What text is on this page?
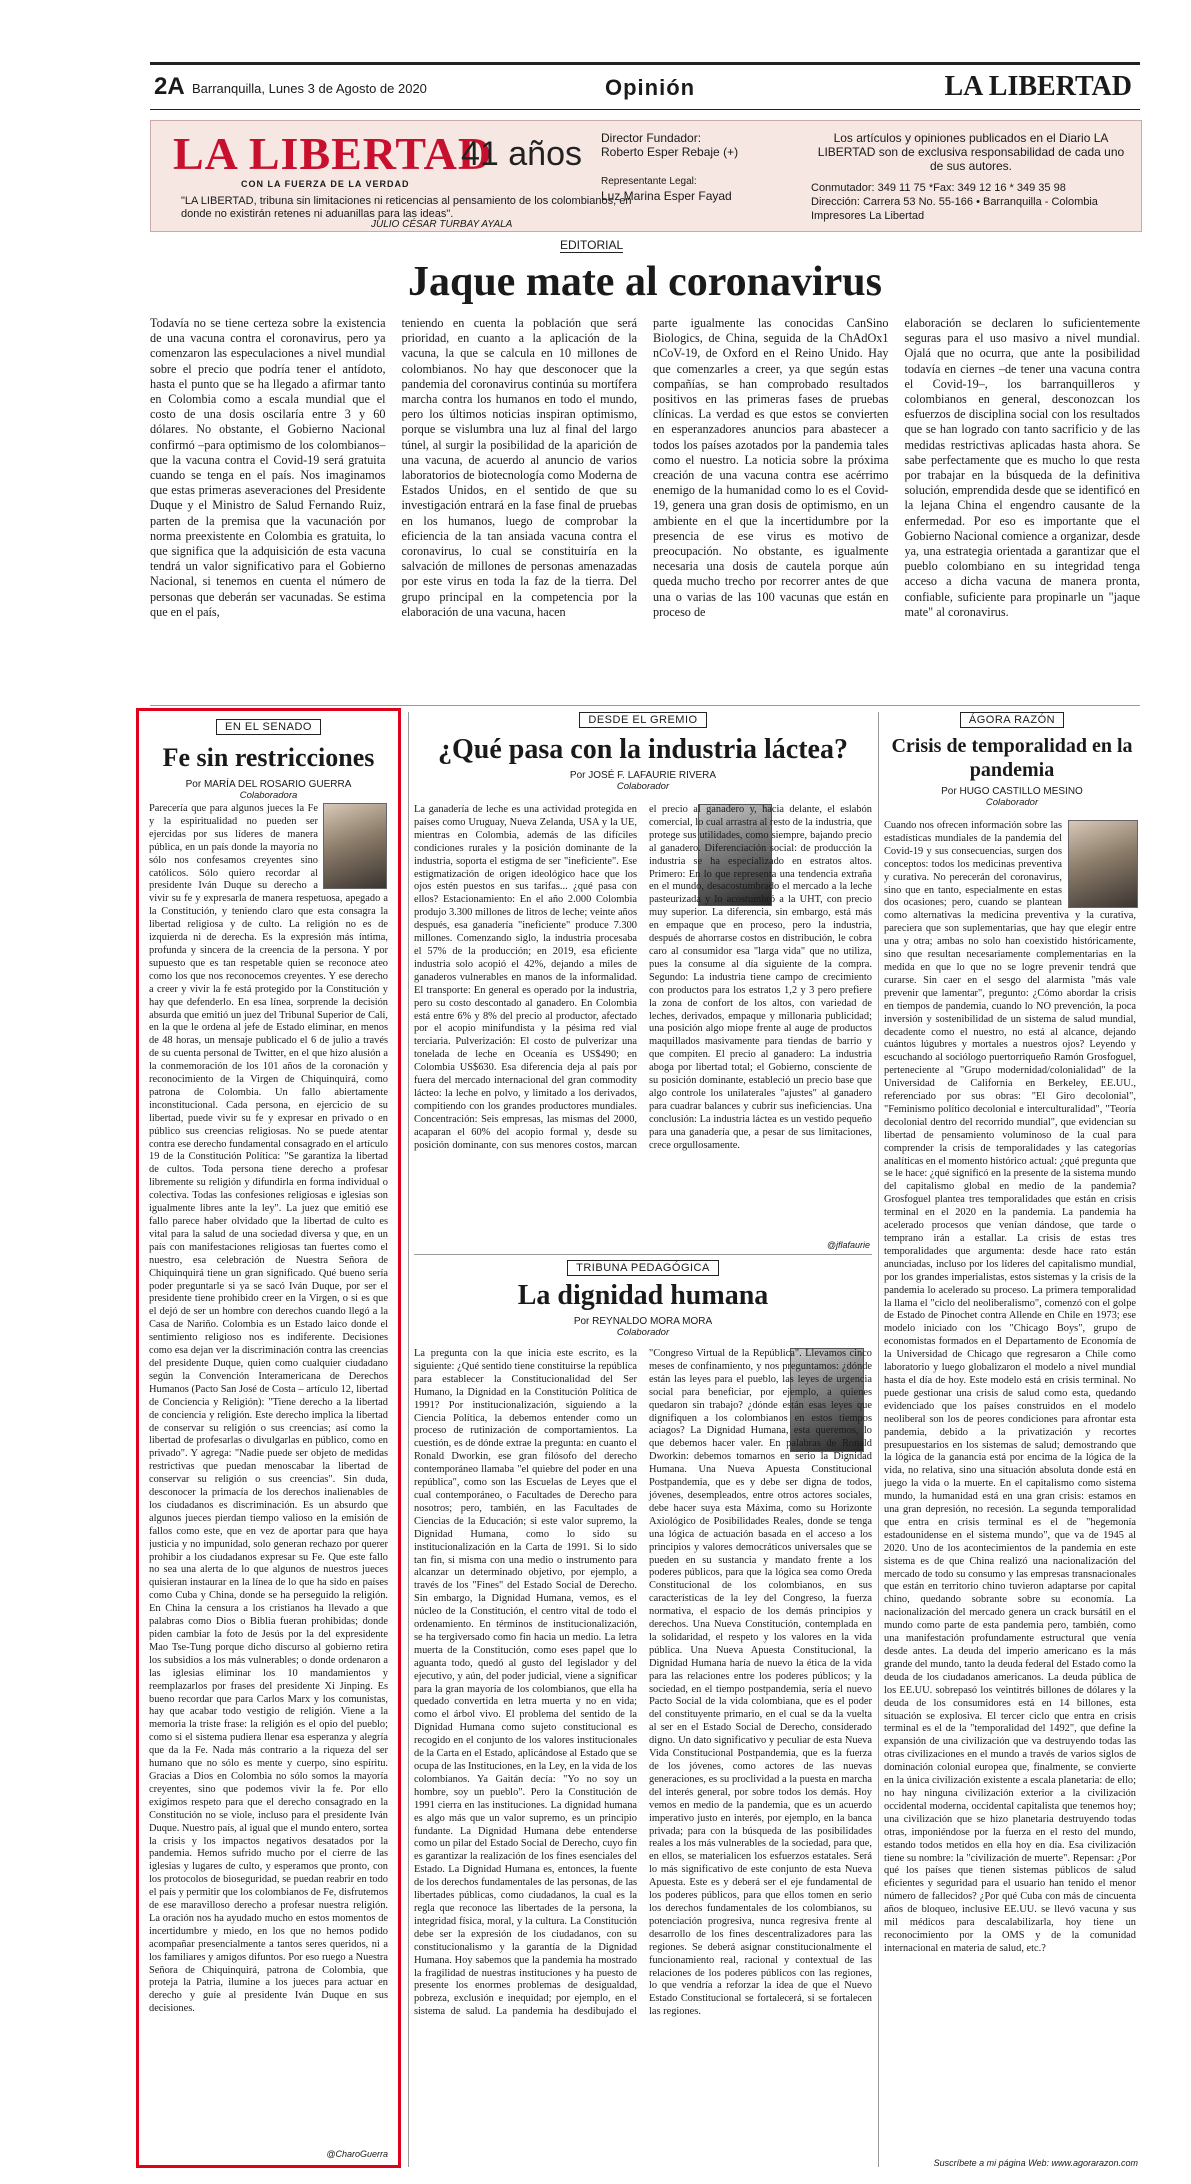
2A Barranquilla, Lunes 3 de Agosto de 2020	Opinión	LA LIBERTAD
LA LIBERTAD
41 años
CON LA FUERZA DE LA VERDAD
"LA LIBERTAD, tribuna sin limitaciones ni reticencias al pensamiento de los colombianos, en donde no existirán retenes ni aduanillas para las ideas".
JULIO CÉSAR TURBAY AYALA
Director Fundador:
Roberto Esper Rebaje (+)
Representante Legal:
Luz Marina Esper Fayad
Los artículos y opiniones publicados en el Diario LA LIBERTAD son de exclusiva responsabilidad de cada uno de sus autores.
Conmutador: 349 11 75 *Fax: 349 12 16 * 349 35 98
Dirección: Carrera 53 No. 55-166 • Barranquilla - Colombia
Impresores La Libertad
EDITORIAL
Jaque mate al coronavirus

Todavía no se tiene certeza sobre la existencia de una vacuna contra el coronavirus, pero ya comenzaron las especulaciones a nivel mundial sobre el precio que podría tener el antídoto, hasta el punto que se ha llegado a afirmar tanto en Colombia como a escala mundial que el costo de una dosis oscilaría entre 3 y 60 dólares. No obstante, el Gobierno Nacional confirmó –para optimismo de los colombianos– que la vacuna contra el Covid-19 será gratuita cuando se tenga en el país. Nos imaginamos que estas primeras aseveraciones del Presidente Duque y el Ministro de Salud Fernando Ruiz, parten de la premisa que la vacunación por norma preexistente en Colombia es gratuita, lo que significa que la adquisición de esta vacuna tendrá un valor significativo para el Gobierno Nacional, si tenemos en cuenta el número de personas que deberán ser vacunadas. Se estima que en el país,

teniendo en cuenta la población que será prioridad, en cuanto a la aplicación de la vacuna, la que se calcula en 10 millones de colombianos. No hay que desconocer que la pandemia del coronavirus continúa su mortífera marcha contra los humanos en todo el mundo, pero los últimos noticias inspiran optimismo, porque se vislumbra una luz al final del largo túnel, al surgir la posibilidad de la aparición de una vacuna, de acuerdo al anuncio de varios laboratorios de biotecnología como Moderna de Estados Unidos, en el sentido de que su investigación entrará en la fase final de pruebas en los humanos, luego de comprobar la eficiencia de la tan ansiada vacuna contra el coronavirus, lo cual se constituiría en la salvación de millones de personas amenazadas por este virus en toda la faz de la tierra. Del grupo principal en la competencia por la elaboración de una vacuna, hacen

parte igualmente las conocidas CanSino Biologics, de China, seguida de la ChAdOx1 nCoV-19, de Oxford en el Reino Unido. Hay que comenzarles a creer, ya que según estas compañías, se han comprobado resultados positivos en las primeras fases de pruebas clínicas. La verdad es que estos se convierten en esperanzadores anuncios para abastecer a todos los países azotados por la pandemia tales como el nuestro. La noticia sobre la próxima creación de una vacuna contra ese acérrimo enemigo de la humanidad como lo es el Covid-19, genera una gran dosis de optimismo, en un ambiente en el que la incertidumbre por la presencia de ese virus es motivo de preocupación. No obstante, es igualmente necesaria una dosis de cautela porque aún queda mucho trecho por recorrer antes de que una o varias de las 100 vacunas que están en proceso de

elaboración se declaren lo suficientemente seguras para el uso masivo a nivel mundial. Ojalá que no ocurra, que ante la posibilidad todavía en ciernes –de tener una vacuna contra el Covid-19–, los barranquilleros y colombianos en general, desconozcan los esfuerzos de disciplina social con los resultados que se han logrado con tanto sacrificio y de las medidas restrictivas aplicadas hasta ahora. Se sabe perfectamente que es mucho lo que resta por trabajar en la búsqueda de la definitiva solución, emprendida desde que se identificó en la lejana China el engendro causante de la enfermedad. Por eso es importante que el Gobierno Nacional comience a organizar, desde ya, una estrategia orientada a garantizar que el pueblo colombiano en su integridad tenga acceso a dicha vacuna de manera pronta, confiable, suficiente para propinarle un "jaque mate" al coronavirus.

EN EL SENADO
Fe sin restricciones
Por MARÍA DEL ROSARIO GUERRA
Colaboradora

Parecería que para algunos jueces la Fe y la espiritualidad no pueden ser ejercidas por sus líderes de manera pública, en un país donde la mayoría no sólo nos confesamos creyentes sino católicos. Sólo quiero recordar al presidente Iván Duque su derecho a vivir su fe y expresarla de manera respetuosa, apegado a la Constitución, y teniendo claro que esta consagra la libertad religiosa y de culto. La religión no es de izquierda ni de derecha. Es la expresión más íntima, profunda y sincera de la creencia de la persona. Y por supuesto que es tan respetable quien se reconoce ateo como los que nos reconocemos creyentes. Y ese derecho a creer y vivir la fe está protegido por la Constitución y hay que defenderlo. En esa línea, sorprende la decisión absurda que emitió un juez del Tribunal Superior de Cali, en la que le ordena al jefe de Estado eliminar, en menos de 48 horas, un mensaje publicado el 6 de julio a través de su cuenta personal de Twitter, en el que hizo alusión a la conmemoración de los 101 años de la coronación y reconocimiento de la Virgen de Chiquinquirá, como patrona de Colombia. Un fallo abiertamente inconstitucional. Cada persona, en ejercicio de su libertad, puede vivir su fe y expresar en privado o en público sus creencias religiosas. No se puede atentar contra ese derecho fundamental consagrado en el artículo 19 de la Constitución Política: "Se garantiza la libertad de cultos. Toda persona tiene derecho a profesar libremente su religión y difundirla en forma individual o colectiva. Todas las confesiones religiosas e iglesias son igualmente libres ante la ley". La juez que emitió ese fallo parece haber olvidado que la libertad de culto es vital para la salud de una sociedad diversa y que, en un país con manifestaciones religiosas tan fuertes como el nuestro, esa celebración de Nuestra Señora de Chiquinquirá tiene un gran significado. Qué bueno sería poder preguntarle si ya se sacó Iván Duque, por ser el presidente tiene prohibido creer en la Virgen, o si es que el dejó de ser un hombre con derechos cuando llegó a la Casa de Nariño. Colombia es un Estado laico donde el sentimiento religioso nos es indiferente. Decisiones como esa dejan ver la discriminación contra las creencias del presidente Duque, quien como cualquier ciudadano según la Convención Interamericana de Derechos Humanos (Pacto San José de Costa – artículo 12, libertad de Conciencia y Religión): "Tiene derecho a la libertad de conciencia y religión. Este derecho implica la libertad de conservar su religión o sus creencias; así como la libertad de profesarlas o divulgarlas en público, como en privado". Y agrega: "Nadie puede ser objeto de medidas restrictivas que puedan menoscabar la libertad de conservar su religión o sus creencias". Sin duda, desconocer la primacía de los derechos inalienables de los ciudadanos es discriminación. Es un absurdo que algunos jueces pierdan tiempo valioso en la emisión de fallos como este, que en vez de aportar para que haya justicia y no impunidad, solo generan rechazo por querer prohibir a los ciudadanos expresar su Fe. Que este fallo no sea una alerta de lo que algunos de nuestros jueces quisieran instaurar en la línea de lo que ha sido en países como Cuba y China, donde se ha perseguido la religión. En China la censura a los cristianos ha llevado a que palabras como Dios o Biblia fueran prohibidas; donde piden cambiar la foto de Jesús por la del expresidente Mao Tse-Tung porque dicho discurso al gobierno retira los subsidios a los más vulnerables; o donde ordenaron a las iglesias eliminar los 10 mandamientos y reemplazarlos por frases del presidente Xi Jinping. Es bueno recordar que para Carlos Marx y los comunistas, hay que acabar todo vestigio de religión. Viene a la memoria la triste frase: la religión es el opio del pueblo; como si el sistema pudiera llenar esa esperanza y alegría que da la Fe. Nada más contrario a la riqueza del ser humano que no sólo es mente y cuerpo, sino espíritu. Gracias a Dios en Colombia no sólo somos la mayoría creyentes, sino que podemos vivir la fe. Por ello exigimos respeto para que el derecho consagrado en la Constitución no se viole, incluso para el presidente Iván Duque. Nuestro país, al igual que el mundo entero, sortea la crisis y los impactos negativos desatados por la pandemia. Hemos sufrido mucho por el cierre de las iglesias y lugares de culto, y esperamos que pronto, con los protocolos de bioseguridad, se puedan reabrir en todo el país y permitir que los colombianos de Fe, disfrutemos de ese maravilloso derecho a profesar nuestra religión. La oración nos ha ayudado mucho en estos momentos de incertidumbre y miedo, en los que no hemos podido acompañar presencialmente a tantos seres queridos, ni a los familiares y amigos difuntos. Por eso ruego a Nuestra Señora de Chiquinquirá, patrona de Colombia, que proteja la Patria, ilumine a los jueces para actuar en derecho y guíe al presidente Iván Duque en sus decisiones.

@CharoGuerra
DESDE EL GREMIO
¿Qué pasa con la industria láctea?
Por JOSÉ F. LAFAURIE RIVERA
Colaborador

La ganadería de leche es una actividad protegida en países como Uruguay, Nueva Zelanda, USA y la UE, mientras en Colombia, además de las difíciles condiciones rurales y la posición dominante de la industria, soporta el estigma de ser "ineficiente". Ese estigmatización de origen ideológico hace que los ojos estén puestos en sus tarifas... ¿qué pasa con ellos? Estacionamiento: En el año 2.000 Colombia produjo 3.300 millones de litros de leche; veinte años después, esa ganadería "ineficiente" produce 7.300 millones. Comenzando siglo, la industria procesaba el 57% de la producción; en 2019, esa eficiente industria solo acopió el 42%, dejando a miles de ganaderos vulnerables en manos de la informalidad. El transporte: En general es operado por la industria, pero su costo descontado al ganadero. En Colombia está entre 6% y 8% del precio al productor, afectado por el acopio minifundista y la pésima red vial terciaria. Pulverización: El costo de pulverizar una tonelada de leche en Oceanía es US$490; en Colombia US$630. Esa diferencia deja al país por fuera del mercado internacional del gran commodity lácteo: la leche en polvo, y limitado a los derivados, compitiendo con los grandes productores mundiales. Concentración: Seis empresas, las mismas del 2000, acaparan el 60% del acopio formal y, desde su posición dominante, con sus menores costos, marcan el precio al ganadero y, hacia delante, el eslabón comercial, lo cual arrastra al resto de la industria, que protege sus utilidades, como siempre, bajando precio al ganadero. Diferenciación social: de producción la industria se ha especializado en estratos altos. Primero: En lo que representa una tendencia extraña en el mundo, desacostumbrado el mercado a la leche pasteurizada y lo acostumbró a la UHT, con precio muy superior. La diferencia, sin embargo, está más en empaque que en proceso, pero la industria, después de ahorrarse costos en distribución, le cobra caro al consumidor esa "larga vida" que no utiliza, pues la consume al día siguiente de la compra. Segundo: La industria tiene campo de crecimiento con productos para los estratos 1,2 y 3 pero prefiere la zona de confort de los altos, con variedad de leches, derivados, empaque y millonaria publicidad; una posición algo miope frente al auge de productos maquillados masivamente para tiendas de barrio y que compiten. El precio al ganadero: La industria aboga por libertad total; el Gobierno, consciente de su posición dominante, estableció un precio base que algo controle los unilaterales "ajustes" al ganadero para cuadrar balances y cubrir sus ineficiencias. Una conclusión: La industria láctea es un vestido pequeño para una ganadería que, a pesar de sus limitaciones, crece orgullosamente.

@jflafaurie
TRIBUNA PEDAGÓGICA
La dignidad humana
Por REYNALDO MORA MORA
Colaborador

La pregunta con la que inicia este escrito, es la siguiente: ¿Qué sentido tiene constituirse la república para establecer la Constitucionalidad del Ser Humano, la Dignidad en la Constitución Política de 1991? Por institucionalización, siguiendo a la Ciencia Política, la debemos entender como un proceso de rutinización de comportamientos. La cuestión, es de dónde extrae la pregunta: en cuanto el Ronald Dworkin, ese gran filósofo del derecho contemporáneo llamaba "el quiebre del poder en una república", como son las Escuelas de Leyes que el cual contemporáneo, o Facultades de Derecho para nosotros; pero, también, en las Facultades de Ciencias de la Educación; si este valor supremo, la Dignidad Humana, como lo sido su institucionalización en la Carta de 1991. Si lo sido tan fin, si misma con una medio o instrumento para alcanzar un determinado objetivo, por ejemplo, a través de los "Fines" del Estado Social de Derecho. Sin embargo, la Dignidad Humana, vemos, es el núcleo de la Constitución, el centro vital de todo el ordenamiento. En términos de institucionalización, se ha tergiversado como fin hacia un medio. La letra muerta de la Constitución, como eses papel que lo aguanta todo, quedó al gusto del legislador y del ejecutivo, y aún, del poder judicial, viene a significar para la gran mayoría de los colombianos, que ella ha quedado convertida en letra muerta y no en vida; como el árbol vivo. El problema del sentido de la Dignidad Humana como sujeto constitucional es recogido en el conjunto de los valores institucionales de la Carta en el Estado, aplicándose al Estado que se ocupa de las Instituciones, en la Ley, en la vida de los colombianos. Ya Gaitán decía: "Yo no soy un hombre, soy un pueblo". Pero la Constitución de 1991 cierra en las instituciones. La dignidad humana es algo más que un valor supremo, es un principio fundante. La Dignidad Humana debe entenderse como un pilar del Estado Social de Derecho, cuyo fin es garantizar la realización de los fines esenciales del Estado. La Dignidad Humana es, entonces, la fuente de los derechos fundamentales de las personas, de las libertades públicas, como ciudadanos, la cual es la regla que reconoce las libertades de la persona, la integridad física, moral, y la cultura. La Constitución debe ser la expresión de los ciudadanos, con su constitucionalismo y la garantía de la Dignidad Humana. Hoy sabemos que la pandemia ha mostrado la fragilidad de nuestras instituciones y ha puesto de presente los enormes problemas de desigualdad, pobreza, exclusión e inequidad; por ejemplo, en el sistema de salud. La pandemia ha desdibujado el "Congreso Virtual de la República". Llevamos cinco meses de confinamiento, y nos preguntamos: ¿dónde están las leyes para el pueblo, las leyes de urgencia social para beneficiar, por ejemplo, a quienes quedaron sin trabajo? ¿dónde están esas leyes que dignifiquen a los colombianos en estos tiempos aciagos? La Dignidad Humana, esta queremos, lo que debemos hacer valer. En palabras de Ronald Dworkin: debemos tomarnos en serio la Dignidad Humana. Una Nueva Apuesta Constitucional Postpandemia, que es y debe ser digna de todos, jóvenes, desempleados, entre otros actores sociales, debe hacer suya esta Máxima, como su Horizonte Axiológico de Posibilidades Reales, donde se tenga una lógica de actuación basada en el acceso a los principios y valores democráticos universales que se pueden en su sustancia y mandato frente a los poderes públicos, para que la lógica sea como Oreda Constitucional de los colombianos, en sus características de la ley del Congreso, la fuerza normativa, el espacio de los demás principios y derechos. Una Nueva Constitución, contemplada en la solidaridad, el respeto y los valores en la vida pública. Una Nueva Apuesta Constitucional, la Dignidad Humana haría de nuevo la ética de la vida para las relaciones entre los poderes públicos; y la sociedad, en el tiempo postpandemia, sería el nuevo Pacto Social de la vida colombiana, que es el poder del constituyente primario, en el cual se da la vuelta al ser en el Estado Social de Derecho, considerado digno. Un dato significativo y peculiar de esta Nueva Vida Constitucional Postpandemia, que es la fuerza de los jóvenes, como actores de las nuevas generaciones, es su proclividad a la puesta en marcha del interés general, por sobre todos los demás. Hoy vemos en medio de la pandemia, que es un acuerdo imperativo justo en interés, por ejemplo, en la banca privada; para con la búsqueda de las posibilidades reales a los más vulnerables de la sociedad, para que, en ellos, se materialicen los esfuerzos estatales. Será lo más significativo de este conjunto de esta Nueva Apuesta. Este es y deberá ser el eje fundamental de los poderes públicos, para que ellos tomen en serio los derechos fundamentales de los colombianos, su potenciación progresiva, nunca regresiva frente al desarrollo de los fines descentralizadores para las regiones. Se deberá asignar constitucionalmente el funcionamiento real, racional y contextual de las relaciones de los poderes públicos con las regiones, lo que vendría a reforzar la idea de que el Nuevo Estado Constitucional se fortalecerá, si se fortalecen las regiones.

ÁGORA RAZÓN
Crisis de temporalidad en la pandemia
Por HUGO CASTILLO MESINO
Colaborador

Cuando nos ofrecen información sobre las estadísticas mundiales de la pandemia del Covid-19 y sus consecuencias, surgen dos conceptos: todos los medicinas preventiva y curativa. No perecerán del coronavirus, sino que en tanto, especialmente en estas dos ocasiones; pero, cuando se plantean como alternativas la medicina preventiva y la curativa, pareciera que son suplementarias, que hay que elegir entre una y otra; ambas no solo han coexistido históricamente, sino que resultan necesariamente complementarias en la medida en que lo que no se logre prevenir tendrá que curarse. Sin caer en el sesgo del alarmista "más vale prevenir que lamentar", pregunto: ¿Cómo abordar la crisis en tiempos de pandemia, cuando lo NO prevención, la poca inversión y sostenibilidad de un sistema de salud mundial, decadente como el nuestro, no está al alcance, dejando cuántos lúgubres y mortales a nuestros ojos? Leyendo y escuchando al sociólogo puertorriqueño Ramón Grosfoguel, perteneciente al "Grupo modernidad/colonialidad" de la Universidad de California en Berkeley, EE.UU., referenciado por sus obras: "El Giro decolonial", "Feminismo político decolonial e interculturalidad", "Teoría decolonial dentro del recorrido mundial", que evidencian su libertad de pensamiento voluminoso de la cual para comprender la crisis de temporalidades y las categorías analíticas en el momento histórico actual: ¿qué pregunta que se le hace: ¿qué significó en la presente de la sistema mundo del capitalismo global en medio de la pandemia? Grosfoguel plantea tres temporalidades que están en crisis terminal en el 2020 en la pandemia. La pandemia ha acelerado procesos que venían dándose, que tarde o temprano irán a estallar. La crisis de estas tres temporalidades que argumenta: desde hace rato están anunciadas, incluso por los líderes del capitalismo mundial, por los grandes imperialistas, estos sistemas y la crisis de la pandemia lo acelerado su proceso. La primera temporalidad la llama el "ciclo del neoliberalismo", comenzó con el golpe de Estado de Pinochet contra Allende en Chile en 1973; ese modelo iniciado con los "Chicago Boys", grupo de economistas formados en el Departamento de Economía de la Universidad de Chicago que regresaron a Chile como laboratorio y luego globalizaron el modelo a nivel mundial hasta el día de hoy. Este modelo está en crisis terminal. No puede gestionar una crisis de salud como esta, quedando evidenciado que los países construidos en el modelo neoliberal son los de peores condiciones para afrontar esta pandemia, debido a la privatización y recortes presupuestarios en los sistemas de salud; demostrando que la lógica de la ganancia está por encima de la lógica de la vida, no relativa, sino una situación absoluta donde está en juego la vida o la muerte. En el capitalismo como sistema mundo, la humanidad está en una gran crisis: estamos en una gran depresión, no recesión. La segunda temporalidad que entra en crisis terminal es el de "hegemonía estadounidense en el sistema mundo", que va de 1945 al 2020. Uno de los acontecimientos de la pandemia en este sistema es de que China realizó una nacionalización del mercado de todo su consumo y las empresas transnacionales que están en territorio chino tuvieron adaptarse por capital chino, quedando sobrante sobre su economía. La nacionalización del mercado genera un crack bursátil en el mundo como parte de esta pandemia pero, también, como una manifestación profundamente estructural que venía desde antes. La deuda del imperio americano es la más grande del mundo, tanto la deuda federal del Estado como la deuda de los ciudadanos americanos. La deuda pública de los EE.UU. sobrepasó los veintitrés billones de dólares y la deuda de los consumidores está en 14 billones, esta situación se explosiva. El tercer ciclo que entra en crisis terminal es el de la "temporalidad del 1492", que define la expansión de una civilización que va destruyendo todas las otras civilizaciones en el mundo a través de varios siglos de dominación colonial europea que, finalmente, se convierte en la única civilización existente a escala planetaria: de ello; no hay ninguna civilización exterior a la civilización occidental moderna, occidental capitalista que tenemos hoy; una civilización que se hizo planetaria destruyendo todas otras, imponiéndose por la fuerza en el resto del mundo, estando todos metidos en ella hoy en día. Esa civilización tiene su nombre: la "civilización de muerte". Repensar: ¿Por qué los países que tienen sistemas públicos de salud eficientes y seguridad para el usuario han tenido el menor número de fallecidos? ¿Por qué Cuba con más de cincuenta años de bloqueo, inclusive EE.UU. se llevó vacuna y sus mil médicos para descalabilizarla, hoy tiene un reconocimiento por la OMS y de la comunidad internacional en materia de salud, etc.?

Suscríbete a mi página Web: www.agorarazon.com
